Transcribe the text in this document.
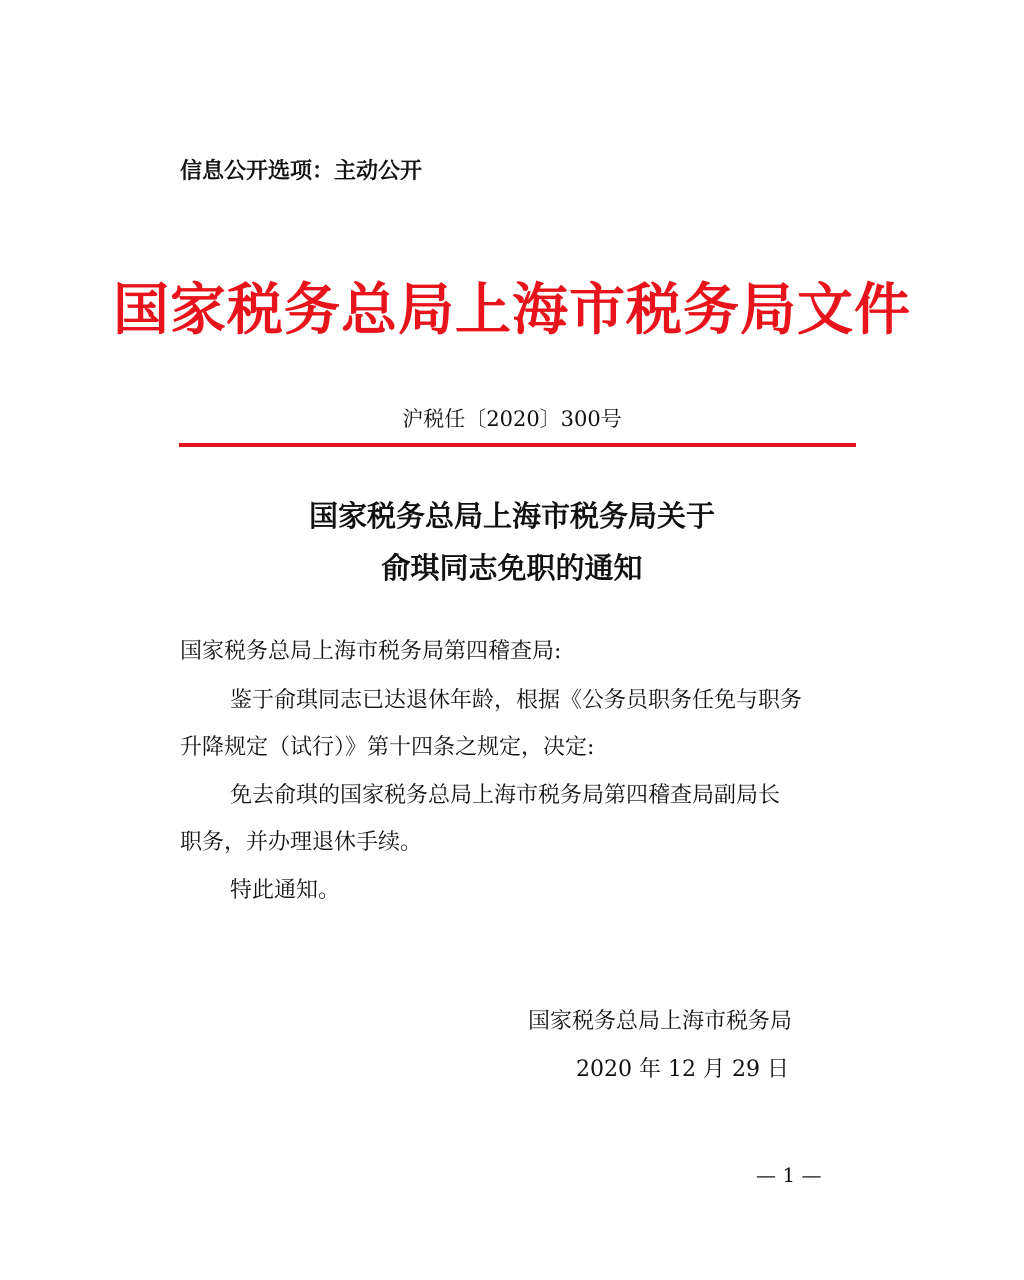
信息公开选项：主动公开
国家税务总局上海市税务局文件
沪税任〔2020〕300号
国家税务总局上海市税务局关于
俞琪同志免职的通知
国家税务总局上海市税务局第四稽查局:
鉴于俞琪同志已达退休年龄，根据《公务员职务任免与职务
升降规定（试行）》第十四条之规定，决定:
免去俞琪的国家税务总局上海市税务局第四稽查局副局长
职务，并办理退休手续。
特此通知。
国家税务总局上海市税务局
2020 年 12 月 29 日
— 1 —
